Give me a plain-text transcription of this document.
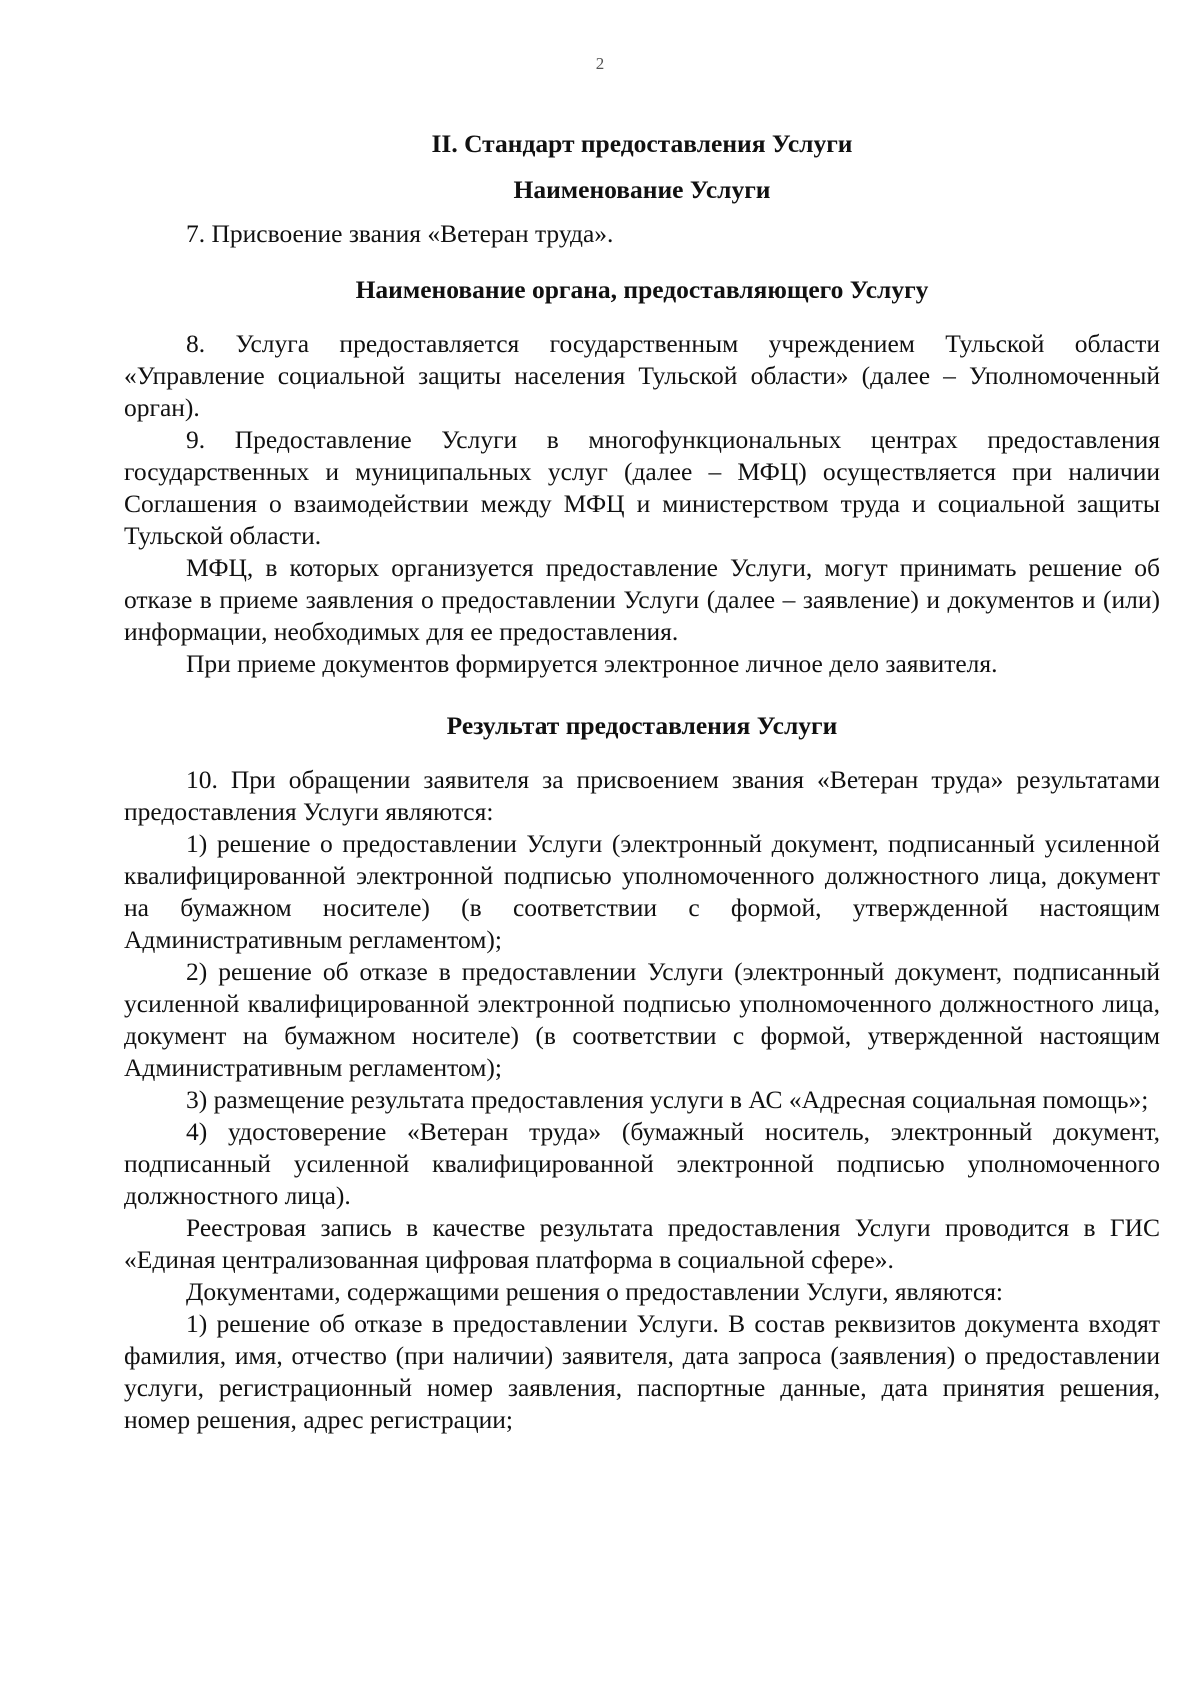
2
II. Стандарт предоставления Услуги
Наименование Услуги

7. Присвоение звания «Ветеран труда».

Наименование органа, предоставляющего Услугу

8. Услуга предоставляется государственным учреждением Тульской области «Управление социальной защиты населения Тульской области» (далее – Уполномоченный орган).

9. Предоставление Услуги в многофункциональных центрах предоставления государственных и муниципальных услуг (далее – МФЦ) осуществляется при наличии Соглашения о взаимодействии между МФЦ и министерством труда и социальной защиты Тульской области.

МФЦ, в которых организуется предоставление Услуги, могут принимать решение об отказе в приеме заявления о предоставлении Услуги (далее – заявление) и документов и (или) информации, необходимых для ее предоставления.

При приеме документов формируется электронное личное дело заявителя.

Результат предоставления Услуги

10. При обращении заявителя за присвоением звания «Ветеран труда» результатами предоставления Услуги являются:

1) решение о предоставлении Услуги (электронный документ, подписанный усиленной квалифицированной электронной подписью уполномоченного должностного лица, документ на бумажном носителе) (в соответствии с формой, утвержденной настоящим Административным регламентом);

2) решение об отказе в предоставлении Услуги (электронный документ, подписанный усиленной квалифицированной электронной подписью уполномоченного должностного лица, документ на бумажном носителе) (в соответствии с формой, утвержденной настоящим Административным регламентом);

3) размещение результата предоставления услуги в АС «Адресная социальная помощь»;

4) удостоверение «Ветеран труда» (бумажный носитель, электронный документ, подписанный усиленной квалифицированной электронной подписью уполномоченного должностного лица).

Реестровая запись в качестве результата предоставления Услуги проводится в ГИС «Единая централизованная цифровая платформа в социальной сфере».

Документами, содержащими решения о предоставлении Услуги, являются:

1) решение об отказе в предоставлении Услуги. В состав реквизитов документа входят фамилия, имя, отчество (при наличии) заявителя, дата запроса (заявления) о предоставлении услуги, регистрационный номер заявления, паспортные данные, дата принятия решения, номер решения, адрес регистрации;
